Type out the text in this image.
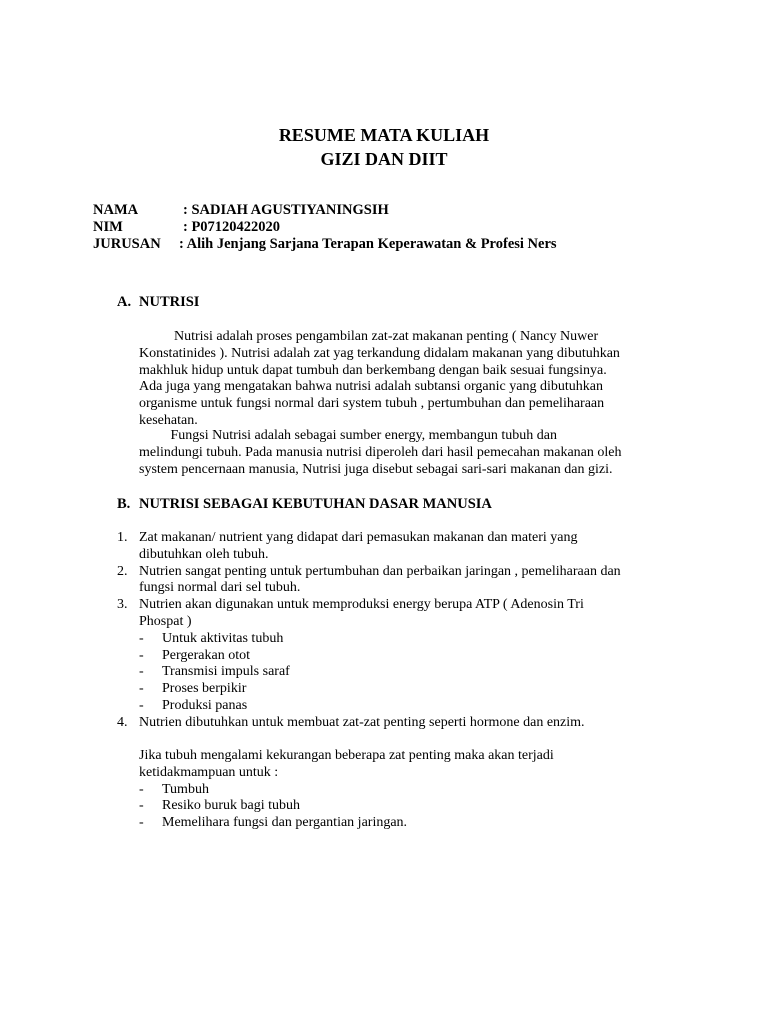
RESUME MATA KULIAH
GIZI DAN DIIT
NAMA	: SADIAH AGUSTIYANINGSIH
NIM	: P07120422020
JURUSAN	: Alih Jenjang Sarjana Terapan Keperawatan & Profesi Ners
A. NUTRISI
Nutrisi adalah proses pengambilan zat-zat makanan penting ( Nancy Nuwer
Konstatinides ). Nutrisi adalah zat yag terkandung didalam makanan yang dibutuhkan
makhluk hidup untuk dapat tumbuh dan berkembang dengan baik sesuai fungsinya.
Ada juga yang mengatakan bahwa nutrisi adalah subtansi organic yang dibutuhkan
organisme untuk fungsi normal dari system tubuh , pertumbuhan dan pemeliharaan
kesehatan.
Fungsi Nutrisi adalah sebagai sumber energy, membangun tubuh dan
melindungi tubuh. Pada manusia nutrisi diperoleh dari hasil pemecahan makanan oleh
system pencernaan manusia, Nutrisi juga disebut sebagai sari-sari makanan dan gizi.
B. NUTRISI SEBAGAI KEBUTUHAN DASAR MANUSIA
1. Zat makanan/ nutrient yang didapat dari pemasukan makanan dan materi yang
dibutuhkan oleh tubuh.
2. Nutrien sangat penting untuk pertumbuhan dan perbaikan jaringan , pemeliharaan dan
fungsi normal dari sel tubuh.
3. Nutrien akan digunakan untuk memproduksi energy berupa ATP ( Adenosin Tri
Phospat )
-	Untuk aktivitas tubuh
-	Pergerakan otot
-	Transmisi impuls saraf
-	Proses berpikir
-	Produksi panas
4. Nutrien dibutuhkan untuk membuat zat-zat penting seperti hormone dan enzim.
Jika tubuh mengalami kekurangan beberapa zat penting maka akan terjadi
ketidakmampuan untuk :
-	Tumbuh
-	Resiko buruk bagi tubuh
-	Memelihara fungsi dan pergantian jaringan.
